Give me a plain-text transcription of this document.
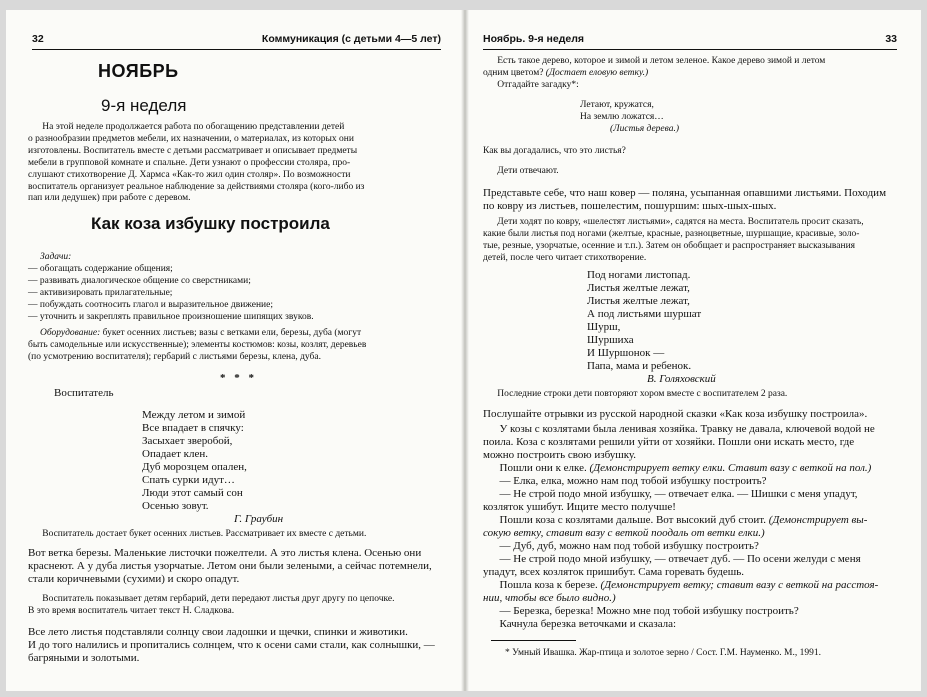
32	Коммуникация (с детьми 4—5 лет)
НОЯБРЬ
9-я неделя
На этой неделе продолжается работа по обогащению представлении детей
о разнообразии предметов мебели, их назначении, о материалах, из которых они
изготовлены. Воспитатель вместе с детьми рассматривает и описывает предметы
мебели в групповой комнате и спальне. Дети узнают о профессии столяра, про-
слушают стихотворение Д. Хармса «Как-то жил один столяр». По возможности
воспитатель организует реальное наблюдение за действиями столяра (кого-либо из
пап или дедушек) при работе с деревом.
Как коза избушку построила
Задачи:
— обогащать содержание общения;
— развивать диалогическое общение со сверстниками;
— активизировать прилагательные;
— побуждать соотносить глагол и выразительное движение;
— уточнить и закреплять правильное произношение шипящих звуков.
Оборудование: букет осенних листьев; вазы с ветками ели, березы, дуба (могут
быть самодельные или искусственные); элементы костюмов: козы, козлят, деревьев
(по усмотрению воспитателя); гербарий с листьями березы, клена, дуба.
* * *
Воспитатель
Между летом и зимой
Все впадает в спячку:
Засыхает зверобой,
Опадает клен.
Дуб морозцем опален,
Спать сурки идут…
Люди этот самый сон
Осенью зовут.
Г. Граубин
Воспитатель достает букет осенних листьев. Рассматривает их вместе с детьми.
Вот ветка березы. Маленькие листочки пожелтели. А это листья клена. Осенью они
краснеют. А у дуба листья узорчатые. Летом они были зелеными, а сейчас потемнели,
стали коричневыми (сухими) и скоро опадут.
Воспитатель показывает детям гербарий, дети передают листья друг другу по цепочке.
В это время воспитатель читает текст Н. Сладкова.
Все лето листья подставляли солнцу свои ладошки и щечки, спинки и животики.
И до того налились и пропитались солнцем, что к осени сами стали, как солнышки, — багряными и золотыми.
Ноябрь. 9-я неделя	33
Есть такое дерево, которое и зимой и летом зеленое. Какое дерево зимой и летом
одним цветом? (Достает еловую ветку.)
Отгадайте загадку*:
Летают, кружатся,
На землю ложатся…
(Листья дерева.)
Как вы догадались, что это листья?
Дети отвечают.
Представьте себе, что наш ковер — поляна, усыпанная опавшими листьями. Походим
по ковру из листьев, пошелестим, пошуршим: шых-шых-шых.
Дети ходят по ковру, «шелестят листьями», садятся на места. Воспитатель просит сказать,
какие были листья под ногами (желтые, красные, разноцветные, шуршащие, красивые, золо-
тые, резные, узорчатые, осенние и т.п.). Затем он обобщает и распространяет высказывания
детей, после чего читает стихотворение.
Под ногами листопад.
Листья желтые лежат,
Листья желтые лежат,
А под листьями шуршат
Шурш,
Шуршиха
И Шуршонок —
Папа, мама и ребенок.
В. Голяховский
Последние строки дети повторяют хором вместе с воспитателем 2 раза.
Послушайте отрывки из русской народной сказки «Как коза избушку построила».
У козы с козлятами была ленивая хозяйка. Травку не давала, ключевой водой не
поила. Коза с козлятами решили уйти от хозяйки. Пошли они искать место, где
можно построить свою избушку.
Пошли они к елке. (Демонстрирует ветку елки. Ставит вазу с веткой на пол.)
— Елка, елка, можно нам под тобой избушку построить?
— Не строй подо мной избушку, — отвечает елка. — Шишки с меня упадут,
козляток ушибут. Ищите место получше!
Пошли коза с козлятами дальше. Вот высокий дуб стоит. (Демонстрирует вы-
сокую ветку, ставит вазу с веткой поодаль от ветки елки.)
— Дуб, дуб, можно нам под тобой избушку построить?
— Не строй подо мной избушку, — отвечает дуб. — По осени желуди с меня
упадут, всех козляток пришибут. Сама горевать будешь.
Пошла коза к березе. (Демонстрирует ветку; ставит вазу с веткой на расстоя-
нии, чтобы все было видно.)
— Березка, березка! Можно мне под тобой избушку построить?
Качнула березка веточками и сказала:
* Умный Ивашка. Жар-птица и золотое зерно / Сост. Г.М. Науменко. М., 1991.
